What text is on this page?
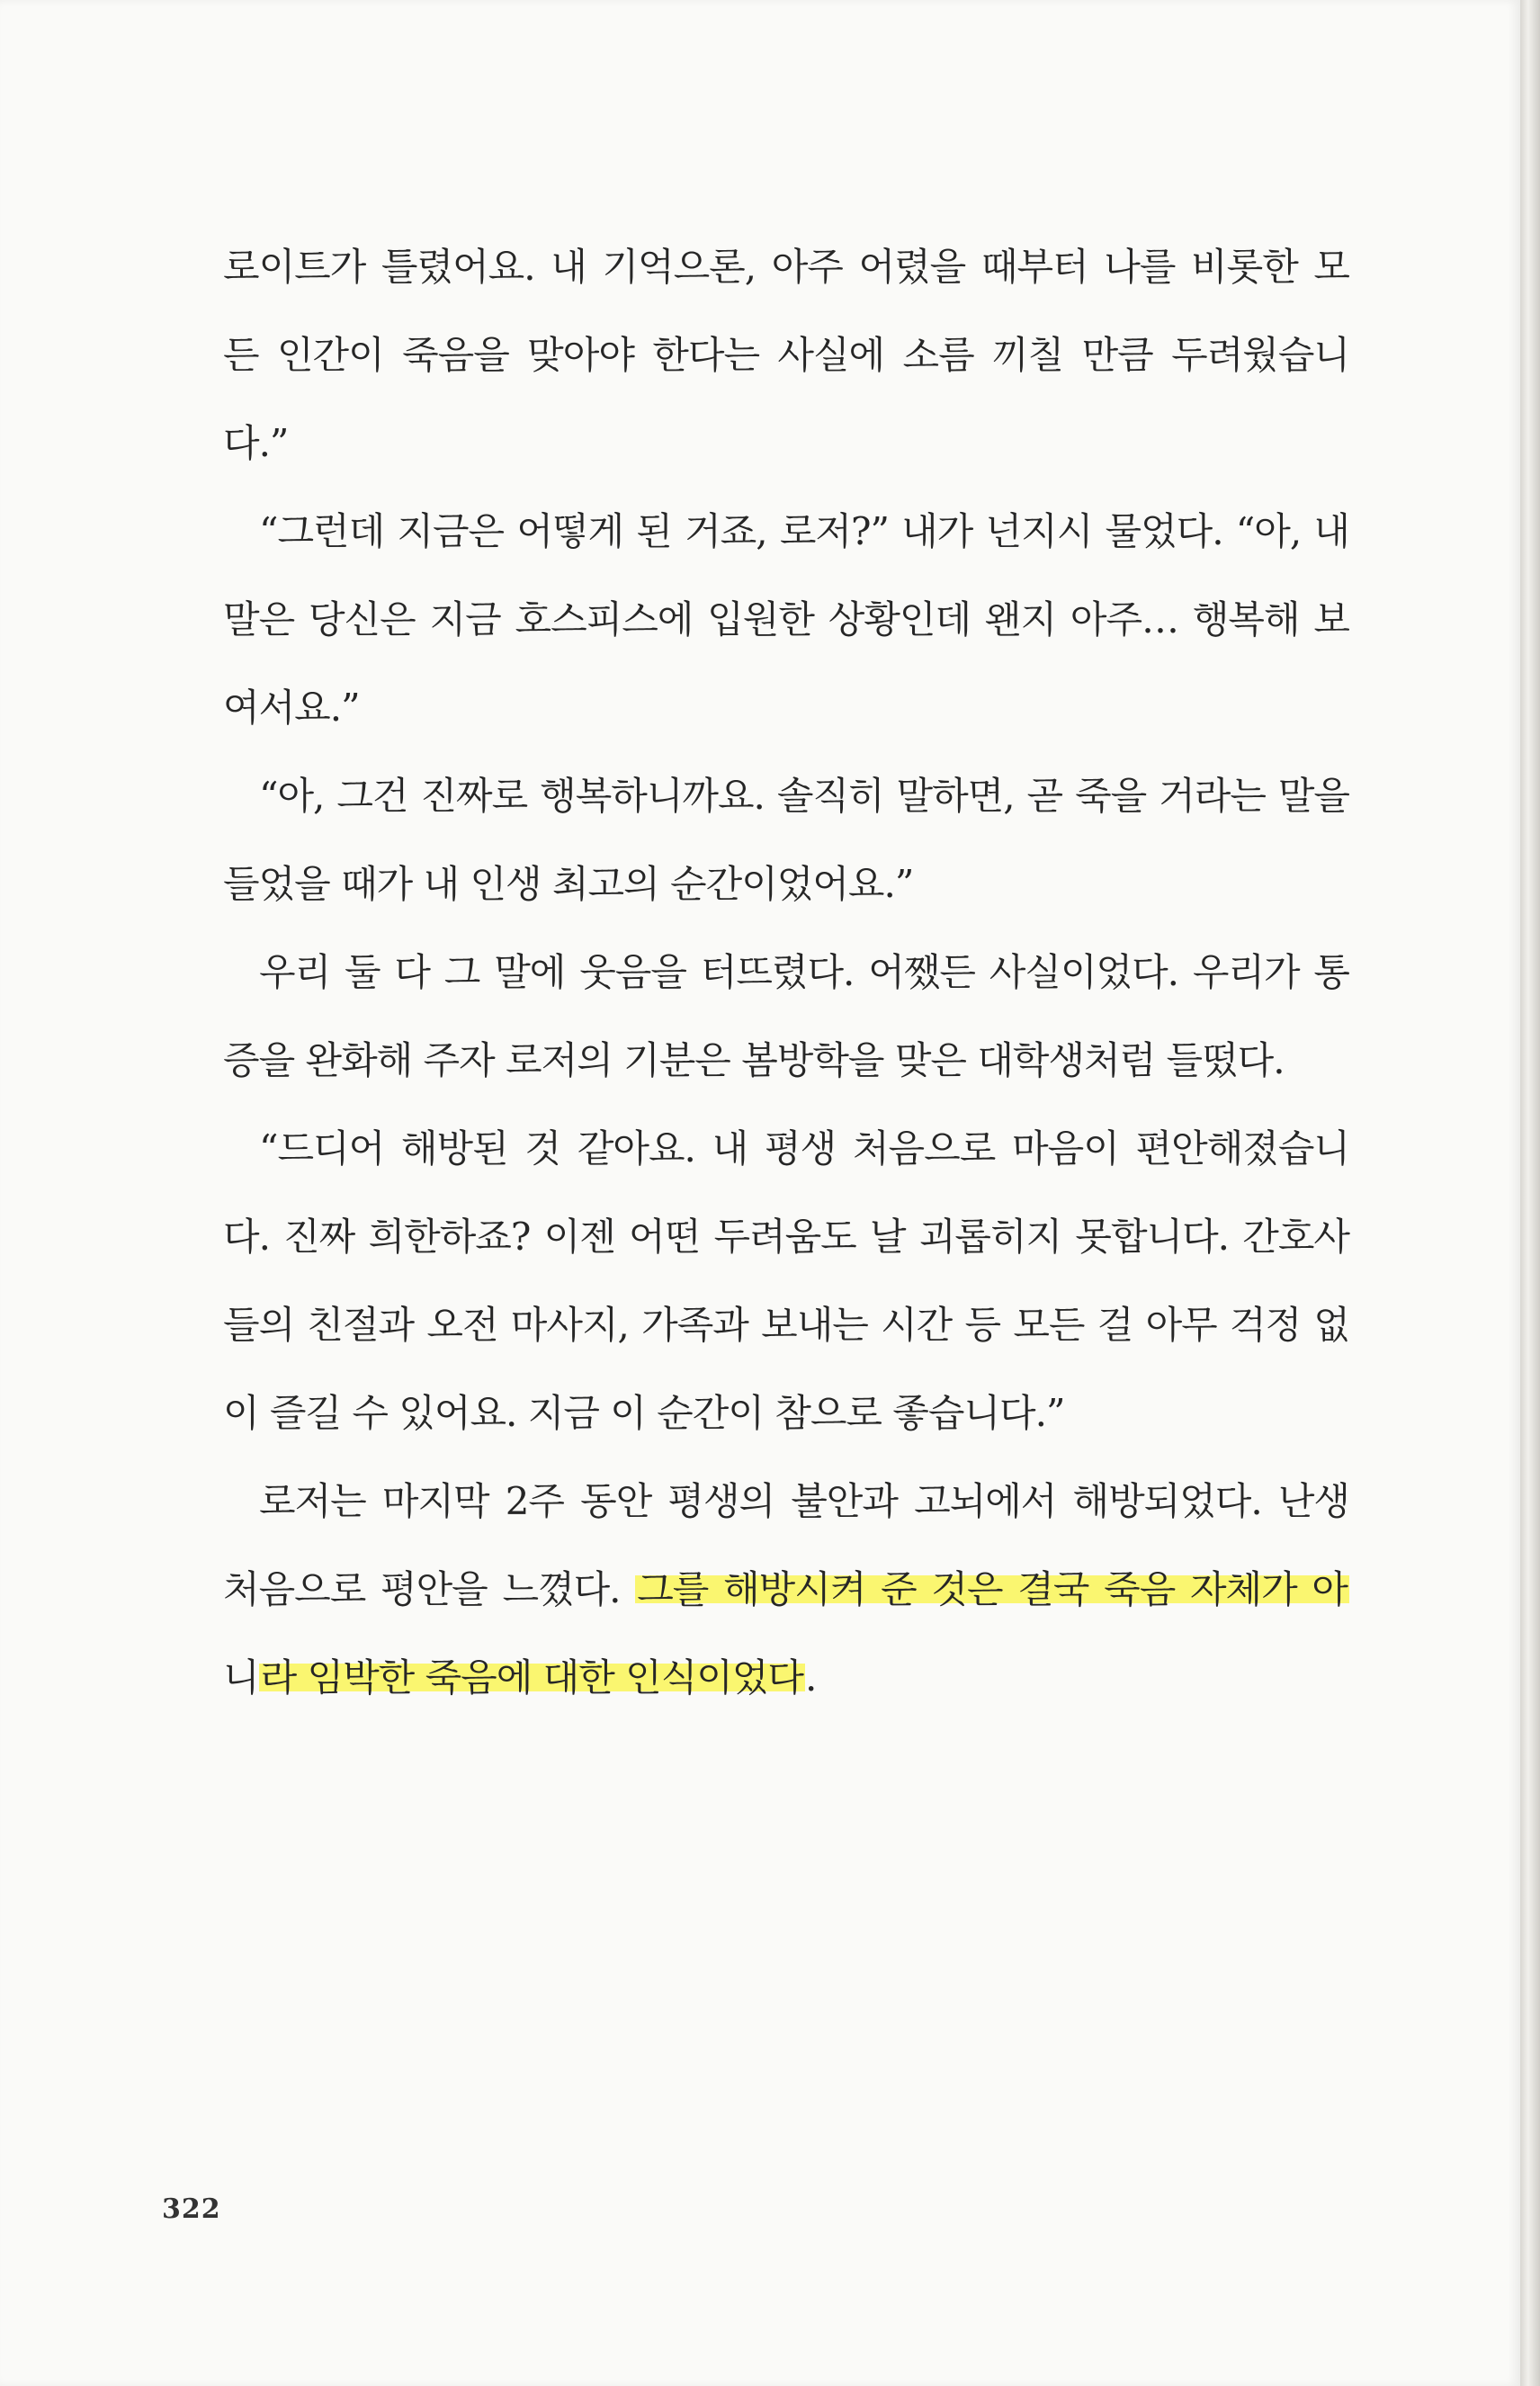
로이트가 틀렸어요. 내 기억으론, 아주 어렸을 때부터 나를 비롯한 모
든 인간이 죽음을 맞아야 한다는 사실에 소름 끼칠 만큼 두려웠습니
다.”
“그런데 지금은 어떻게 된 거죠, 로저?” 내가 넌지시 물었다. “아, 내
말은 당신은 지금 호스피스에 입원한 상황인데 왠지 아주… 행복해 보
여서요.”
“아, 그건 진짜로 행복하니까요. 솔직히 말하면, 곧 죽을 거라는 말을
들었을 때가 내 인생 최고의 순간이었어요.”
우리 둘 다 그 말에 웃음을 터뜨렸다. 어쨌든 사실이었다. 우리가 통
증을 완화해 주자 로저의 기분은 봄방학을 맞은 대학생처럼 들떴다.
“드디어 해방된 것 같아요. 내 평생 처음으로 마음이 편안해졌습니
다. 진짜 희한하죠? 이젠 어떤 두려움도 날 괴롭히지 못합니다. 간호사
들의 친절과 오전 마사지, 가족과 보내는 시간 등 모든 걸 아무 걱정 없
이 즐길 수 있어요. 지금 이 순간이 참으로 좋습니다.”
로저는 마지막 2주 동안 평생의 불안과 고뇌에서 해방되었다. 난생
처음으로 평안을 느꼈다. 그를 해방시켜 준 것은 결국 죽음 자체가 아
니라 임박한 죽음에 대한 인식이었다.
322
